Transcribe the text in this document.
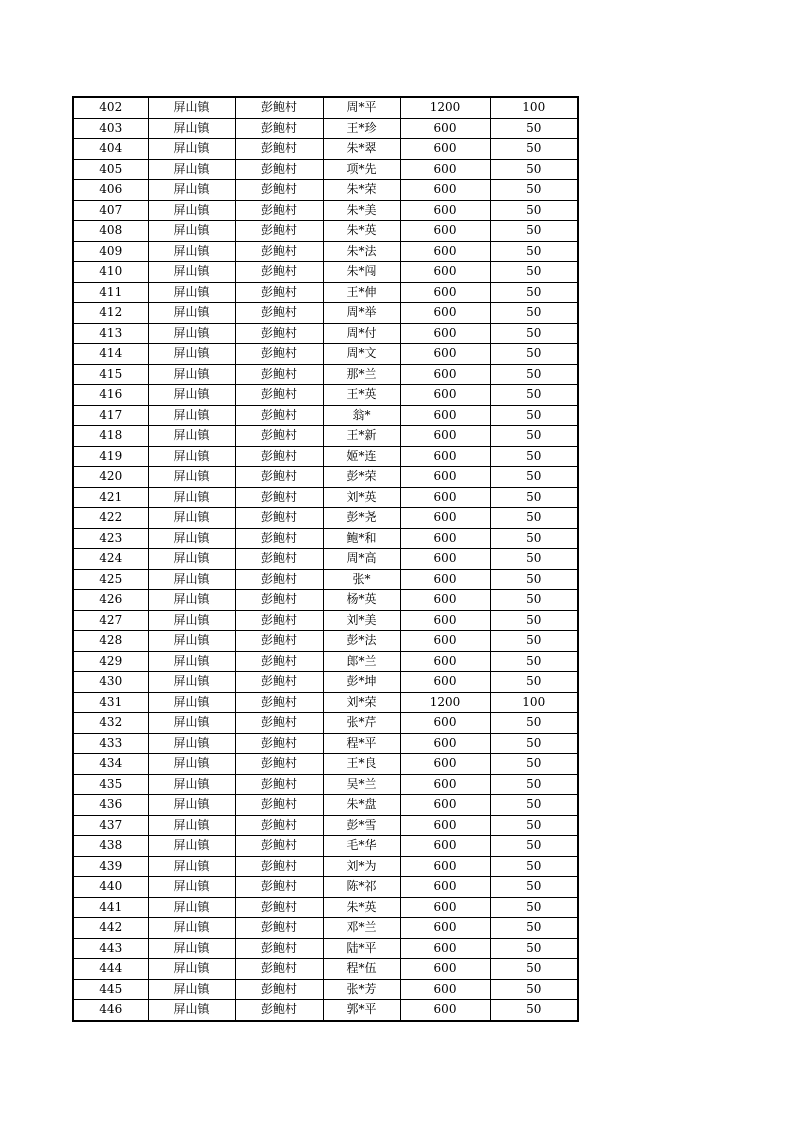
402	屏山镇	彭鲍村	周*平	1200	100
403	屏山镇	彭鲍村	王*珍	600	50
404	屏山镇	彭鲍村	朱*翠	600	50
405	屏山镇	彭鲍村	项*先	600	50
406	屏山镇	彭鲍村	朱*荣	600	50
407	屏山镇	彭鲍村	朱*美	600	50
408	屏山镇	彭鲍村	朱*英	600	50
409	屏山镇	彭鲍村	朱*法	600	50
410	屏山镇	彭鲍村	朱*闯	600	50
411	屏山镇	彭鲍村	王*伸	600	50
412	屏山镇	彭鲍村	周*举	600	50
413	屏山镇	彭鲍村	周*付	600	50
414	屏山镇	彭鲍村	周*文	600	50
415	屏山镇	彭鲍村	那*兰	600	50
416	屏山镇	彭鲍村	王*英	600	50
417	屏山镇	彭鲍村	翁*	600	50
418	屏山镇	彭鲍村	王*新	600	50
419	屏山镇	彭鲍村	姬*连	600	50
420	屏山镇	彭鲍村	彭*荣	600	50
421	屏山镇	彭鲍村	刘*英	600	50
422	屏山镇	彭鲍村	彭*尧	600	50
423	屏山镇	彭鲍村	鲍*和	600	50
424	屏山镇	彭鲍村	周*高	600	50
425	屏山镇	彭鲍村	张*	600	50
426	屏山镇	彭鲍村	杨*英	600	50
427	屏山镇	彭鲍村	刘*美	600	50
428	屏山镇	彭鲍村	彭*法	600	50
429	屏山镇	彭鲍村	郎*兰	600	50
430	屏山镇	彭鲍村	彭*坤	600	50
431	屏山镇	彭鲍村	刘*荣	1200	100
432	屏山镇	彭鲍村	张*芹	600	50
433	屏山镇	彭鲍村	程*平	600	50
434	屏山镇	彭鲍村	王*良	600	50
435	屏山镇	彭鲍村	吴*兰	600	50
436	屏山镇	彭鲍村	朱*盘	600	50
437	屏山镇	彭鲍村	彭*雪	600	50
438	屏山镇	彭鲍村	毛*华	600	50
439	屏山镇	彭鲍村	刘*为	600	50
440	屏山镇	彭鲍村	陈*祁	600	50
441	屏山镇	彭鲍村	朱*英	600	50
442	屏山镇	彭鲍村	邓*兰	600	50
443	屏山镇	彭鲍村	陆*平	600	50
444	屏山镇	彭鲍村	程*伍	600	50
445	屏山镇	彭鲍村	张*芳	600	50
446	屏山镇	彭鲍村	郭*平	600	50
